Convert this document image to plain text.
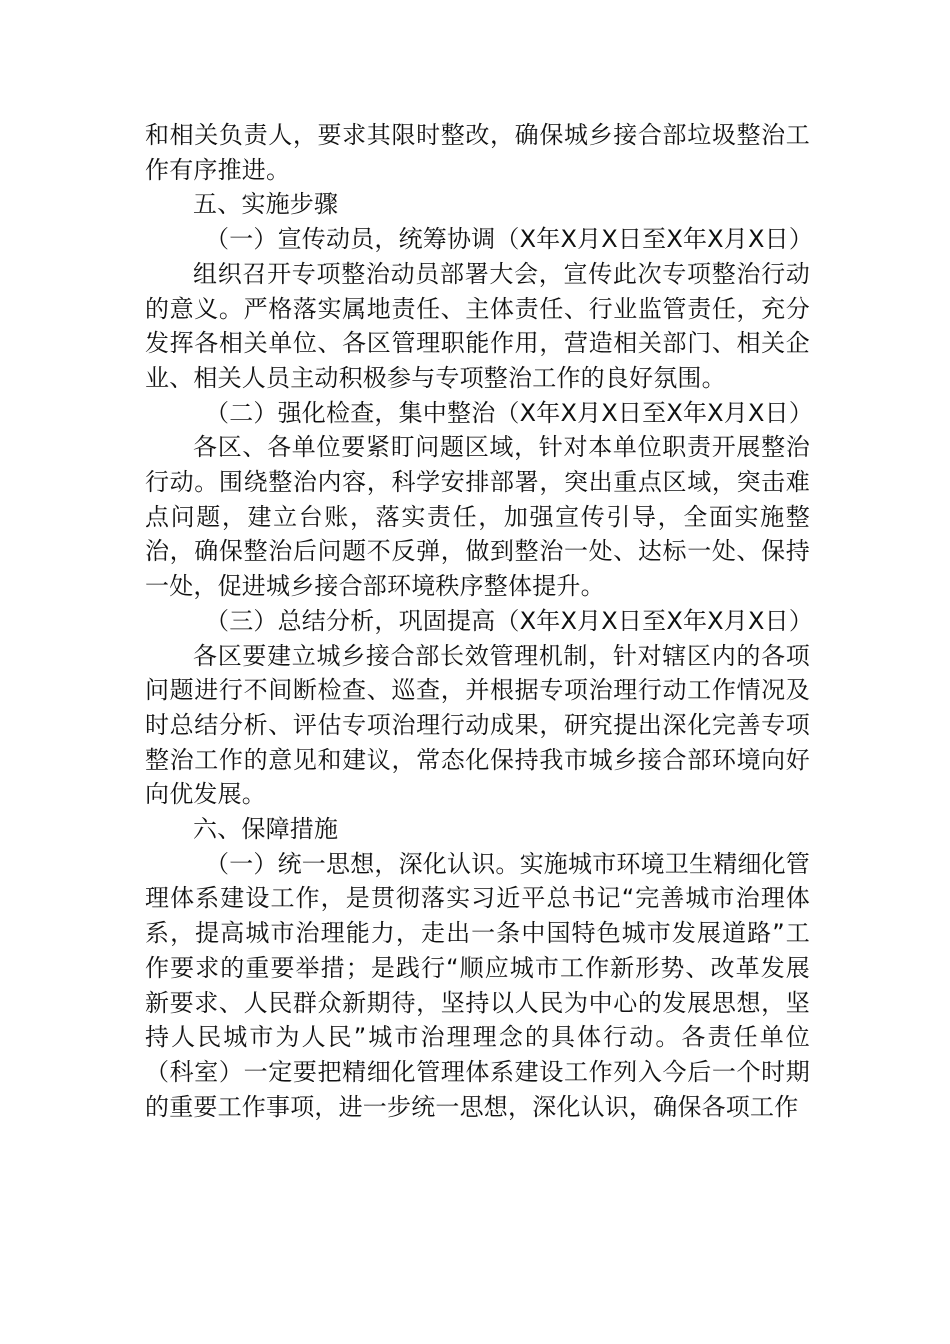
和相关负责人，要求其限时整改，确保城乡接合部垃圾整治工作有序推进。

五、实施步骤

（一）宣传动员，统筹协调（X年X月X日至X年X月X日）

组织召开专项整治动员部署大会，宣传此次专项整治行动的意义。严格落实属地责任、主体责任、行业监管责任，充分发挥各相关单位、各区管理职能作用，营造相关部门、相关企业、相关人员主动积极参与专项整治工作的良好氛围。

（二）强化检查，集中整治（X年X月X日至X年X月X日）

各区、各单位要紧盯问题区域，针对本单位职责开展整治行动。围绕整治内容，科学安排部署，突出重点区域，突击难点问题，建立台账，落实责任，加强宣传引导，全面实施整治，确保整治后问题不反弹，做到整治一处、达标一处、保持一处，促进城乡接合部环境秩序整体提升。

（三）总结分析，巩固提高（X年X月X日至X年X月X日）

各区要建立城乡接合部长效管理机制，针对辖区内的各项问题进行不间断检查、巡查，并根据专项治理行动工作情况及时总结分析、评估专项治理行动成果，研究提出深化完善专项整治工作的意见和建议，常态化保持我市城乡接合部环境向好向优发展。

六、保障措施

（一）统一思想，深化认识。实施城市环境卫生精细化管理体系建设工作，是贯彻落实习近平总书记“完善城市治理体系，提高城市治理能力，走出一条中国特色城市发展道路”工作要求的重要举措；是践行“顺应城市工作新形势、改革发展新要求、人民群众新期待，坚持以人民为中心的发展思想，坚持人民城市为人民”城市治理理念的具体行动。各责任单位（科室）一定要把精细化管理体系建设工作列入今后一个时期的重要工作事项，进一步统一思想，深化认识，确保各项工作
